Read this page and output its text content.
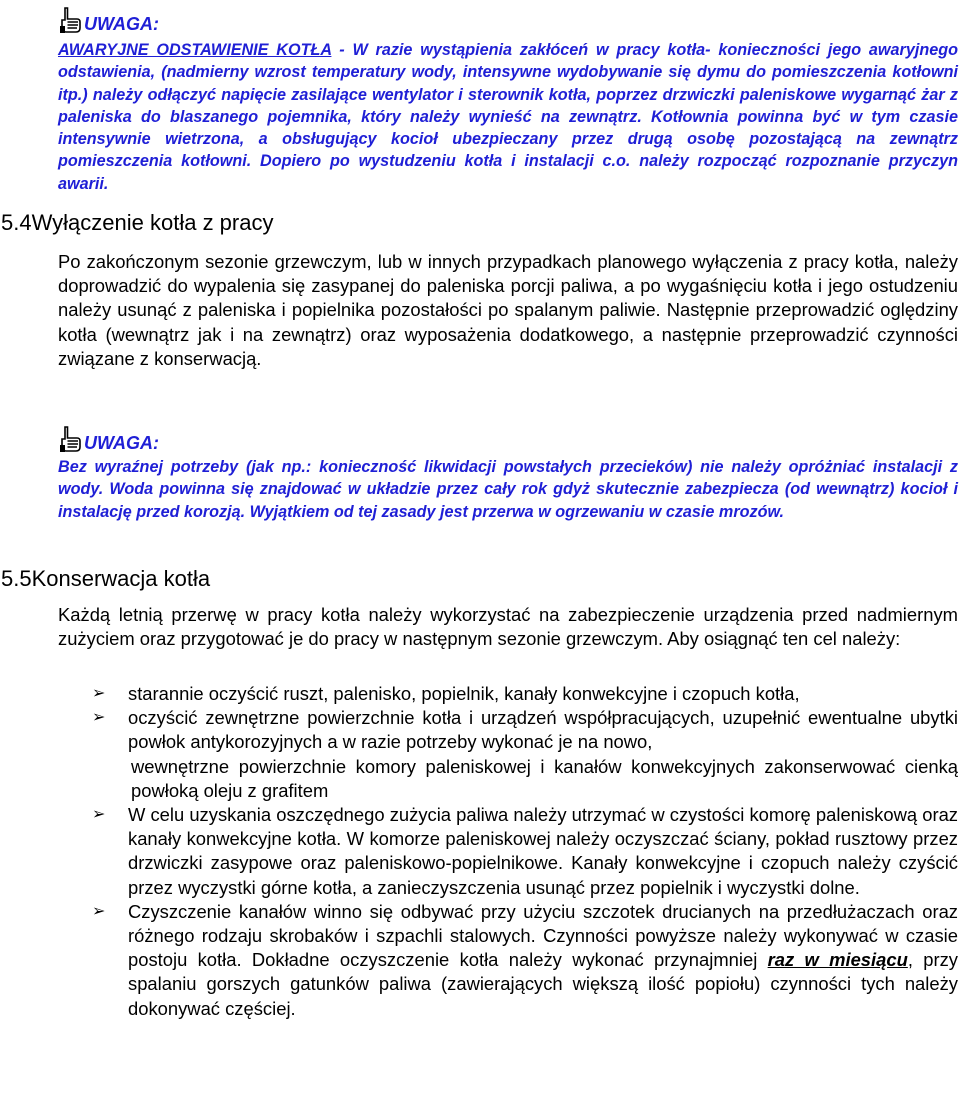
UWAGA:
AWARYJNE ODSTAWIENIE KOTŁA - W razie wystąpienia zakłóceń w pracy kotła- konieczności jego awaryjnego odstawienia, (nadmierny wzrost temperatury wody, intensywne wydobywanie się dymu do pomieszczenia kotłowni itp.) należy odłączyć napięcie zasilające wentylator i sterownik kotła, poprzez drzwiczki paleniskowe wygarnąć żar z paleniska do blaszanego pojemnika, który należy wynieść na zewnątrz. Kotłownia powinna być w tym czasie intensywnie wietrzona, a obsługujący kocioł ubezpieczany przez drugą osobę pozostającą na zewnątrz pomieszczenia kotłowni. Dopiero po wystudzeniu kotła i instalacji c.o. należy rozpocząć rozpoznanie przyczyn awarii.
5.4Wyłączenie kotła z pracy
Po zakończonym sezonie grzewczym, lub w innych przypadkach planowego wyłączenia z pracy kotła, należy doprowadzić do wypalenia się zasypanej do paleniska porcji paliwa, a po wygaśnięciu kotła i jego ostudzeniu należy usunąć z paleniska i popielnika pozostałości po spalanym paliwie. Następnie przeprowadzić oględziny kotła (wewnątrz jak i na zewnątrz) oraz wyposażenia dodatkowego, a następnie przeprowadzić czynności związane z konserwacją.
UWAGA:
Bez wyraźnej potrzeby (jak np.: konieczność likwidacji powstałych przecieków) nie należy opróżniać instalacji z wody. Woda powinna się znajdować w układzie przez cały rok gdyż skutecznie zabezpiecza (od wewnątrz) kocioł i instalację przed korozją. Wyjątkiem od tej zasady jest przerwa w ogrzewaniu w czasie mrozów.
5.5Konserwacja kotła
Każdą letnią przerwę w pracy kotła należy wykorzystać na zabezpieczenie urządzenia przed nadmiernym zużyciem oraz przygotować je do pracy w następnym sezonie grzewczym. Aby osiągnąć ten cel należy:
➢ starannie oczyścić ruszt, palenisko, popielnik, kanały konwekcyjne i czopuch kotła,
➢ oczyścić zewnętrzne powierzchnie kotła i urządzeń współpracujących, uzupełnić ewentualne ubytki powłok antykorozyjnych a w razie potrzeby wykonać je na nowo,
wewnętrzne powierzchnie komory paleniskowej i kanałów konwekcyjnych zakonserwować cienką powłoką oleju z grafitem
➢ W celu uzyskania oszczędnego zużycia paliwa należy utrzymać w czystości komorę paleniskową oraz kanały konwekcyjne kotła. W komorze paleniskowej należy oczyszczać ściany, pokład rusztowy przez drzwiczki zasypowe oraz paleniskowo-popielnikowe. Kanały konwekcyjne i czopuch należy czyścić przez wyczystki górne kotła, a zanieczyszczenia usunąć przez popielnik i wyczystki dolne.
➢ Czyszczenie kanałów winno się odbywać przy użyciu szczotek drucianych na przedłużaczach oraz różnego rodzaju skrobaków i szpachli stalowych. Czynności powyższe należy wykonywać w czasie postoju kotła. Dokładne oczyszczenie kotła należy wykonać przynajmniej raz w miesiącu, przy spalaniu gorszych gatunków paliwa (zawierających większą ilość popiołu) czynności tych należy dokonywać częściej.
